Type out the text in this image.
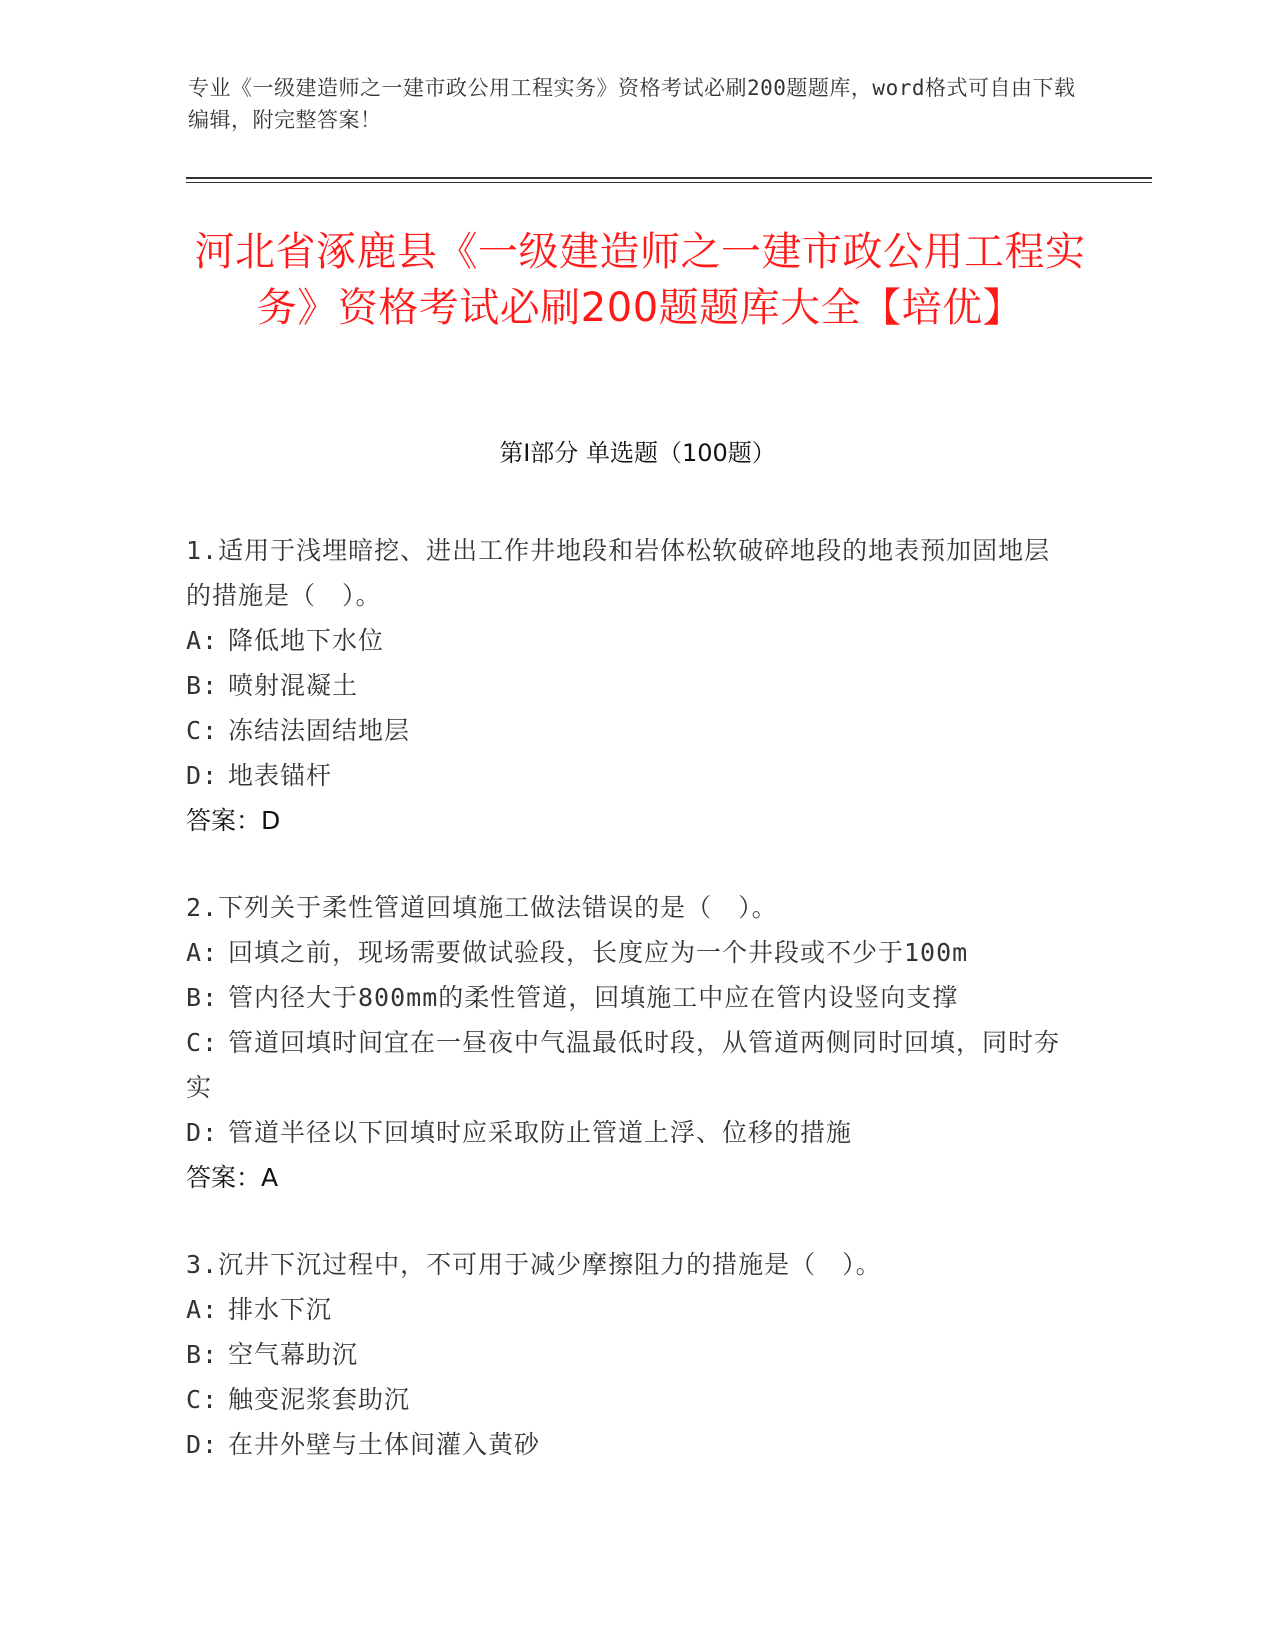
专业《一级建造师之一建市政公用工程实务》资格考试必刷200题题库，word格式可自由下载编辑，附完整答案！
河北省涿鹿县《一级建造师之一建市政公用工程实务》资格考试必刷200题题库大全【培优】
第Ⅰ部分 单选题（100题）
1.适用于浅埋暗挖、进出工作井地段和岩体松软破碎地段的地表预加固地层的措施是（　）。
A: 降低地下水位
B: 喷射混凝土
C: 冻结法固结地层
D: 地表锚杆
答案：D
2.下列关于柔性管道回填施工做法错误的是（　）。
A: 回填之前，现场需要做试验段，长度应为一个井段或不少于100m
B: 管内径大于800mm的柔性管道，回填施工中应在管内设竖向支撑
C: 管道回填时间宜在一昼夜中气温最低时段，从管道两侧同时回填，同时夯实
D: 管道半径以下回填时应采取防止管道上浮、位移的措施
答案：A
3.沉井下沉过程中，不可用于减少摩擦阻力的措施是（　）。
A: 排水下沉
B: 空气幕助沉
C: 触变泥浆套助沉
D: 在井外壁与土体间灌入黄砂
